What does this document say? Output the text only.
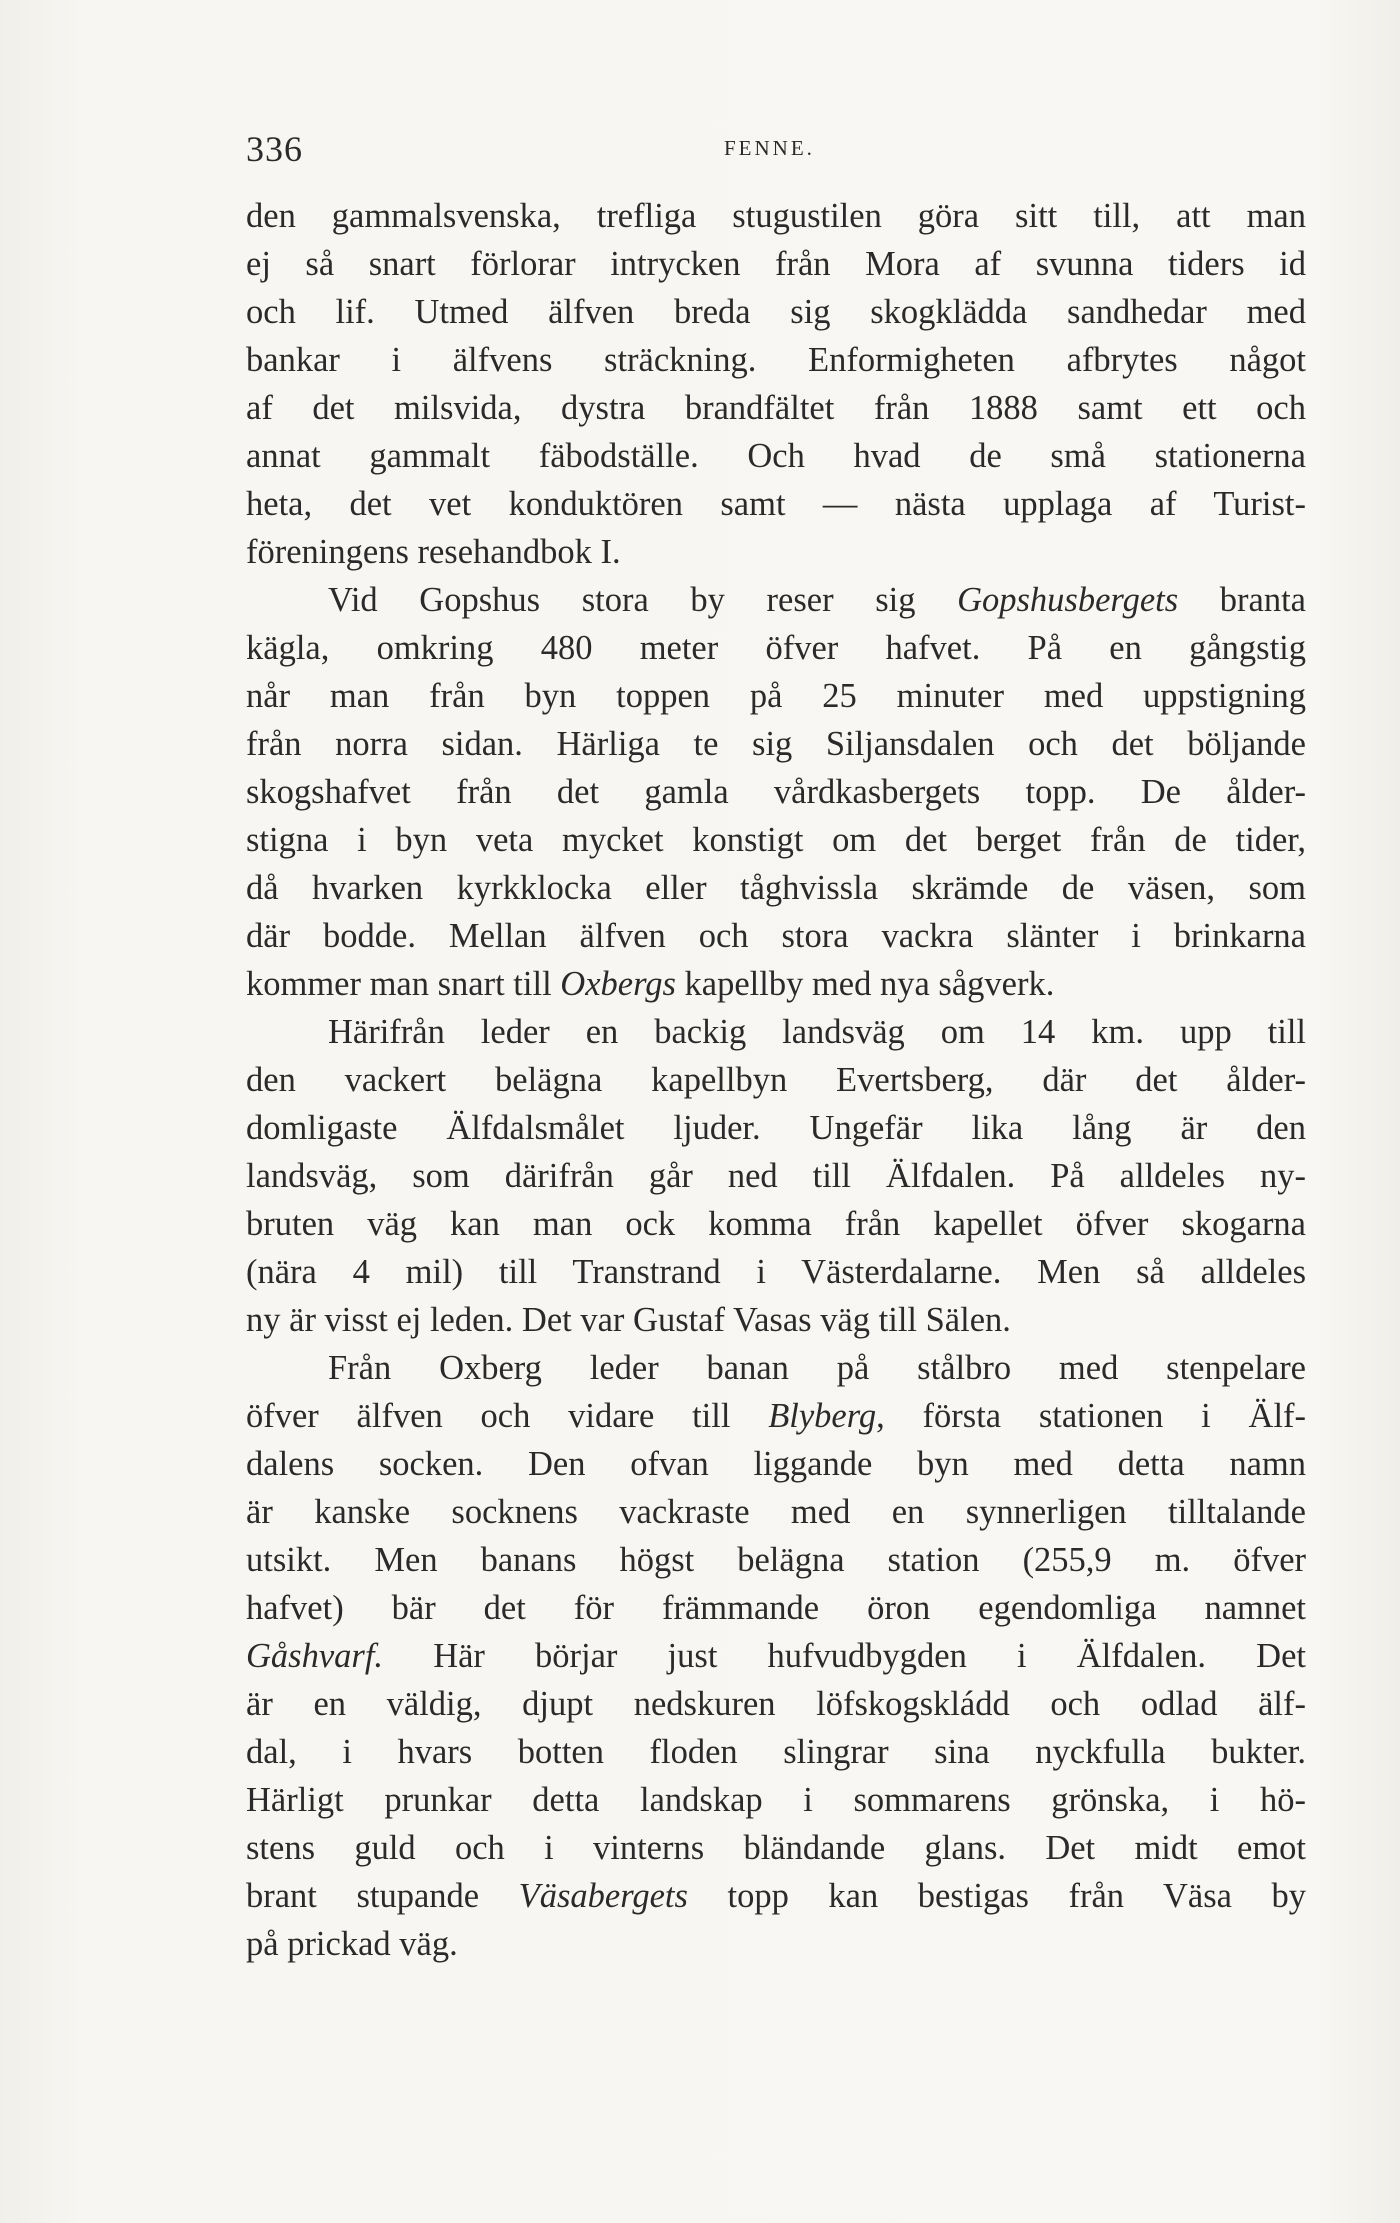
336	FENNE.
den gammalsvenska, trefliga stugustilen göra sitt till, att man
ej så snart förlorar intrycken från Mora af svunna tiders id
och lif. Utmed älfven breda sig skogklädda sandhedar med
bankar i älfvens sträckning. Enformigheten afbrytes något
af det milsvida, dystra brandfältet från 1888 samt ett och
annat gammalt fäbodställe. Och hvad de små stationerna
heta, det vet konduktören samt — nästa upplaga af Turist-
föreningens resehandbok I.
Vid Gopshus stora by reser sig Gopshusbergets branta
kägla, omkring 480 meter öfver hafvet. På en gångstig
når man från byn toppen på 25 minuter med uppstigning
från norra sidan. Härliga te sig Siljansdalen och det böljande
skogshafvet från det gamla vårdkasbergets topp. De ålder-
stigna i byn veta mycket konstigt om det berget från de tider,
då hvarken kyrkklocka eller tåghvissla skrämde de väsen, som
där bodde. Mellan älfven och stora vackra slänter i brinkarna
kommer man snart till Oxbergs kapellby med nya sågverk.
Härifrån leder en backig landsväg om 14 km. upp till
den vackert belägna kapellbyn Evertsberg, där det ålder-
domligaste Älfdalsmålet ljuder. Ungefär lika lång är den
landsväg, som därifrån går ned till Älfdalen. På alldeles ny-
bruten väg kan man ock komma från kapellet öfver skogarna
(nära 4 mil) till Transtrand i Västerdalarne. Men så alldeles
ny är visst ej leden. Det var Gustaf Vasas väg till Sälen.
Från Oxberg leder banan på stålbro med stenpelare
öfver älfven och vidare till Blyberg, första stationen i Älf-
dalens socken. Den ofvan liggande byn med detta namn
är kanske socknens vackraste med en synnerligen tilltalande
utsikt. Men banans högst belägna station (255,9 m. öfver
hafvet) bär det för främmande öron egendomliga namnet
Gåshvarf. Här börjar just hufvudbygden i Älfdalen. Det
är en väldig, djupt nedskuren löfskogskládd och odlad älf-
dal, i hvars botten floden slingrar sina nyckfulla bukter.
Härligt prunkar detta landskap i sommarens grönska, i hö-
stens guld och i vinterns bländande glans. Det midt emot
brant stupande Väsabergets topp kan bestigas från Väsa by
på prickad väg.
